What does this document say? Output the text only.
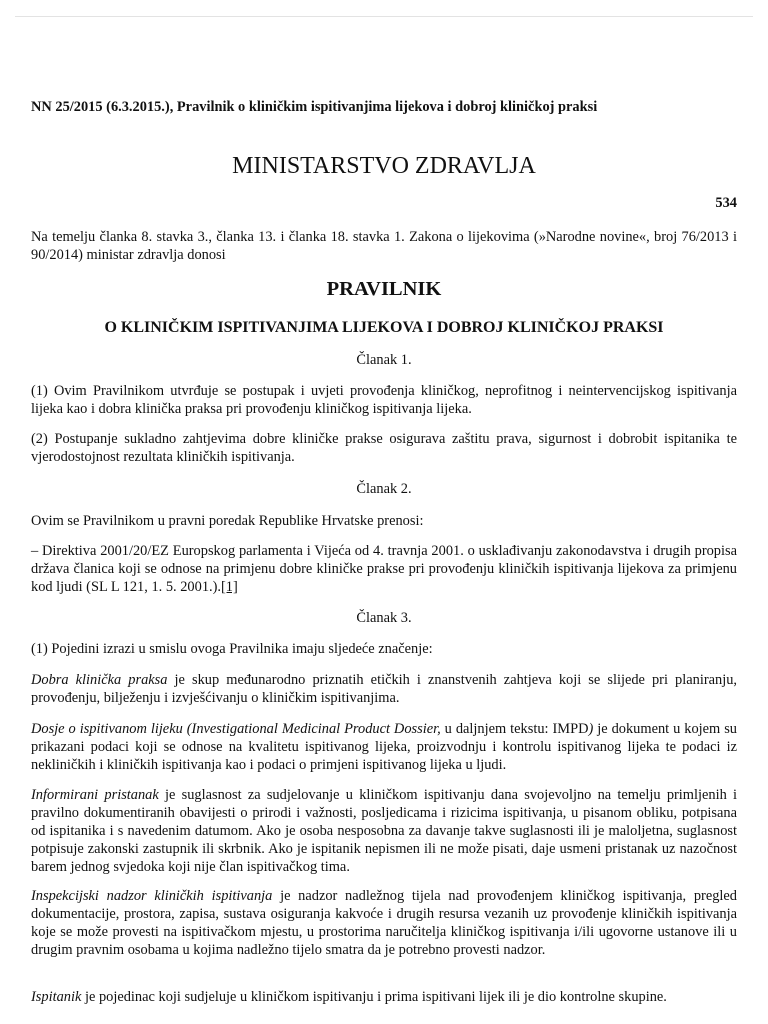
NN 25/2015 (6.3.2015.), Pravilnik o kliničkim ispitivanjima lijekova i dobroj kliničkoj praksi
MINISTARSTVO ZDRAVLJA
534

Na temelju članka 8. stavka 3., članka 13. i članka 18. stavka 1. Zakona o lijekovima (»Narodne novine«, broj 76/2013 i 90/2014) ministar zdravlja donosi

PRAVILNIK
O KLINIČKIM ISPITIVANJIMA LIJEKOVA I DOBROJ KLINIČKOJ PRAKSI

Članak 1.

(1) Ovim Pravilnikom utvrđuje se postupak i uvjeti provođenja kliničkog, neprofitnog i neintervencijskog ispitivanja lijeka kao i dobra klinička praksa pri provođenju kliničkog ispitivanja lijeka.

(2) Postupanje sukladno zahtjevima dobre kliničke prakse osigurava zaštitu prava, sigurnost i dobrobit ispitanika te vjerodostojnost rezultata kliničkih ispitivanja.

Članak 2.

Ovim se Pravilnikom u pravni poredak Republike Hrvatske prenosi:

– Direktiva 2001/20/EZ Europskog parlamenta i Vijeća od 4. travnja 2001. o usklađivanju zakonodavstva i drugih propisa država članica koji se odnose na primjenu dobre kliničke prakse pri provođenju kliničkih ispitivanja lijekova za primjenu kod ljudi (SL L 121, 1. 5. 2001.).[1]

Članak 3.

(1) Pojedini izrazi u smislu ovoga Pravilnika imaju sljedeće značenje:

Dobra klinička praksa je skup međunarodno priznatih etičkih i znanstvenih zahtjeva koji se slijede pri planiranju, provođenju, bilježenju i izvješćivanju o kliničkim ispitivanjima.

Dosje o ispitivanom lijeku (Investigational Medicinal Product Dossier, u daljnjem tekstu: IMPD) je dokument u kojem su prikazani podaci koji se odnose na kvalitetu ispitivanog lijeka, proizvodnju i kontrolu ispitivanog lijeka te podaci iz nekliničkih i kliničkih ispitivanja kao i podaci o primjeni ispitivanog lijeka u ljudi.

Informirani pristanak je suglasnost za sudjelovanje u kliničkom ispitivanju dana svojevoljno na temelju primljenih i pravilno dokumentiranih obavijesti o prirodi i važnosti, posljedicama i rizicima ispitivanja, u pisanom obliku, potpisana od ispitanika i s navedenim datumom. Ako je osoba nesposobna za davanje takve suglasnosti ili je maloljetna, suglasnost potpisuje zakonski zastupnik ili skrbnik. Ako je ispitanik nepismen ili ne može pisati, daje usmeni pristanak uz nazočnost barem jednog svjedoka koji nije član ispitivačkog tima.

Inspekcijski nadzor kliničkih ispitivanja je nadzor nadležnog tijela nad provođenjem kliničkog ispitivanja, pregled dokumentacije, prostora, zapisa, sustava osiguranja kakvoće i drugih resursa vezanih uz provođenje kliničkih ispitivanja koje se može provesti na ispitivačkom mjestu, u prostorima naručitelja kliničkog ispitivanja i/ili ugovorne ustanove ili u drugim pravnim osobama u kojima nadležno tijelo smatra da je potrebno provesti nadzor.

Ispitanik je pojedinac koji sudjeluje u kliničkom ispitivanju i prima ispitivani lijek ili je dio kontrolne skupine.
